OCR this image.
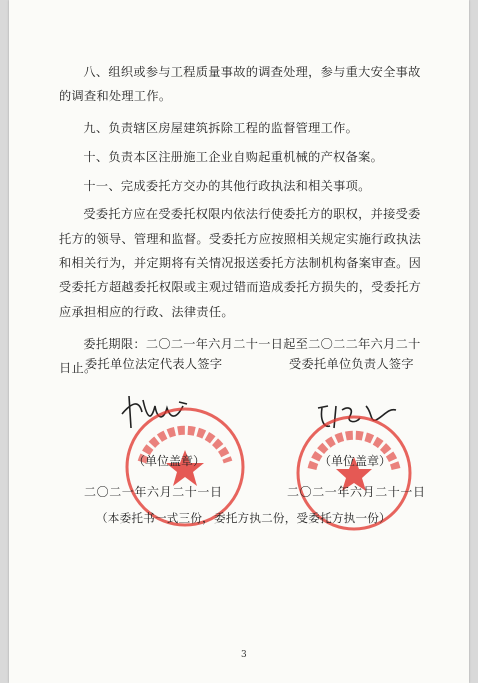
八、组织或参与工程质量事故的调查处理，参与重大安全事故的调查和处理工作。

九、负责辖区房屋建筑拆除工程的监督管理工作。

十、负责本区注册施工企业自购起重机械的产权备案。

十一、完成委托方交办的其他行政执法和相关事项。

受委托方应在受委托权限内依法行使委托方的职权，并接受委托方的领导、管理和监督。受委托方应按照相关规定实施行政执法和相关行为，并定期将有关情况报送委托方法制机构备案审查。因受委托方超越委托权限或主观过错而造成委托方损失的，受委托方应承担相应的行政、法律责任。

委托期限：二〇二一年六月二十一日起至二〇二二年六月二十日止。

委托单位法定代表人签字	受委托单位负责人签字
（单位盖章）	（单位盖章）
二〇二一年六月二十一日	二〇二一年六月二十一日
（本委托书一式三份，委托方执二份，受委托方执一份）
3
